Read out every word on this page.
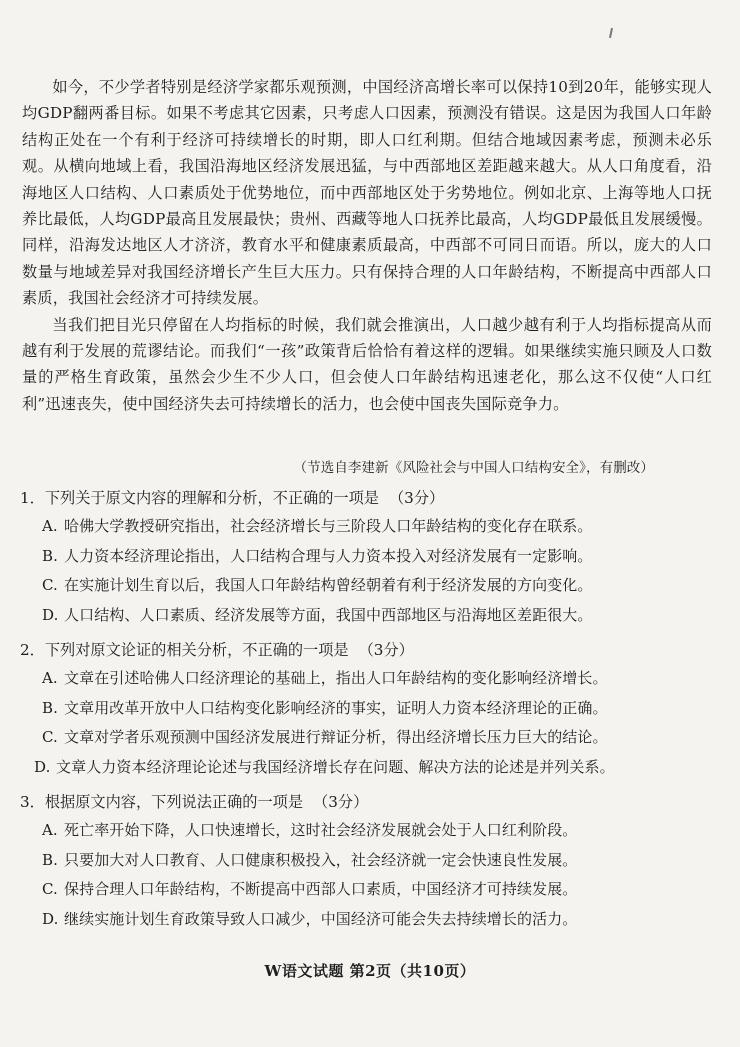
如今，不少学者特别是经济学家都乐观预测，中国经济高增长率可以保持10到20年，能够实现人均GDP翻两番目标。如果不考虑其它因素，只考虑人口因素，预测没有错误。这是因为我国人口年龄结构正处在一个有利于经济可持续增长的时期，即人口红利期。但结合地域因素考虑，预测未必乐观。从横向地域上看，我国沿海地区经济发展迅猛，与中西部地区差距越来越大。从人口角度看，沿海地区人口结构、人口素质处于优势地位，而中西部地区处于劣势地位。例如北京、上海等地人口抚养比最低，人均GDP最高且发展最快；贵州、西藏等地人口抚养比最高，人均GDP最低且发展缓慢。同样，沿海发达地区人才济济，教育水平和健康素质最高，中西部不可同日而语。所以，庞大的人口数量与地域差异对我国经济增长产生巨大压力。只有保持合理的人口年龄结构，不断提高中西部人口素质，我国社会经济才可持续发展。

当我们把目光只停留在人均指标的时候，我们就会推演出，人口越少越有利于人均指标提高从而越有利于发展的荒谬结论。而我们“一孩”政策背后恰恰有着这样的逻辑。如果继续实施只顾及人口数量的严格生育政策，虽然会少生不少人口，但会使人口年龄结构迅速老化，那么这不仅使“人口红利”迅速丧失，使中国经济失去可持续增长的活力，也会使中国丧失国际竞争力。

（节选自李建新《风险社会与中国人口结构安全》，有删改）
1．下列关于原文内容的理解和分析，不正确的一项是 （3分）
A. 哈佛大学教授研究指出，社会经济增长与三阶段人口年龄结构的变化存在联系。
B. 人力资本经济理论指出，人口结构合理与人力资本投入对经济发展有一定影响。
C. 在实施计划生育以后，我国人口年龄结构曾经朝着有利于经济发展的方向变化。
D. 人口结构、人口素质、经济发展等方面，我国中西部地区与沿海地区差距很大。
2．下列对原文论证的相关分析，不正确的一项是 （3分）
A. 文章在引述哈佛人口经济理论的基础上，指出人口年龄结构的变化影响经济增长。
B. 文章用改革开放中人口结构变化影响经济的事实，证明人力资本经济理论的正确。
C. 文章对学者乐观预测中国经济发展进行辩证分析，得出经济增长压力巨大的结论。
D. 文章人力资本经济理论论述与我国经济增长存在问题、解决方法的论述是并列关系。
3．根据原文内容，下列说法正确的一项是 （3分）
A. 死亡率开始下降，人口快速增长，这时社会经济发展就会处于人口红利阶段。
B. 只要加大对人口教育、人口健康积极投入，社会经济就一定会快速良性发展。
C. 保持合理人口年龄结构，不断提高中西部人口素质，中国经济才可持续发展。
D. 继续实施计划生育政策导致人口减少，中国经济可能会失去持续增长的活力。
W语文试题 第2页（共10页）
